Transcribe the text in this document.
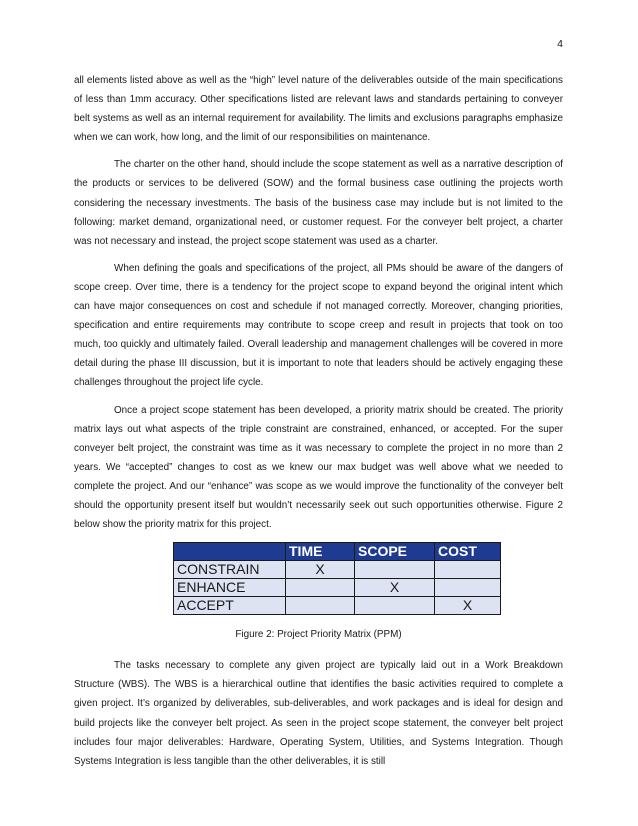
4

all elements listed above as well as the “high” level nature of the deliverables outside of the main specifications of less than 1mm accuracy. Other specifications listed are relevant laws and standards pertaining to conveyer belt systems as well as an internal requirement for availability. The limits and exclusions paragraphs emphasize when we can work, how long, and the limit of our responsibilities on maintenance.

The charter on the other hand, should include the scope statement as well as a narrative description of the products or services to be delivered (SOW) and the formal business case outlining the projects worth considering the necessary investments. The basis of the business case may include but is not limited to the following: market demand, organizational need, or customer request. For the conveyer belt project, a charter was not necessary and instead, the project scope statement was used as a charter.

When defining the goals and specifications of the project, all PMs should be aware of the dangers of scope creep. Over time, there is a tendency for the project scope to expand beyond the original intent which can have major consequences on cost and schedule if not managed correctly. Moreover, changing priorities, specification and entire requirements may contribute to scope creep and result in projects that took on too much, too quickly and ultimately failed. Overall leadership and management challenges will be covered in more detail during the phase III discussion, but it is important to note that leaders should be actively engaging these challenges throughout the project life cycle.

Once a project scope statement has been developed, a priority matrix should be created. The priority matrix lays out what aspects of the triple constraint are constrained, enhanced, or accepted. For the super conveyer belt project, the constraint was time as it was necessary to complete the project in no more than 2 years. We “accepted” changes to cost as we knew our max budget was well above what we needed to complete the project. And our “enhance” was scope as we would improve the functionality of the conveyer belt should the opportunity present itself but wouldn’t necessarily seek out such opportunities otherwise. Figure 2 below show the priority matrix for this project.

	TIME	SCOPE	COST
CONSTRAIN	X		
ENHANCE		X	
ACCEPT			X
Figure 2: Project Priority Matrix (PPM)

The tasks necessary to complete any given project are typically laid out in a Work Breakdown Structure (WBS). The WBS is a hierarchical outline that identifies the basic activities required to complete a given project. It’s organized by deliverables, sub-deliverables, and work packages and is ideal for design and build projects like the conveyer belt project. As seen in the project scope statement, the conveyer belt project includes four major deliverables: Hardware, Operating System, Utilities, and Systems Integration. Though Systems Integration is less tangible than the other deliverables, it is still
